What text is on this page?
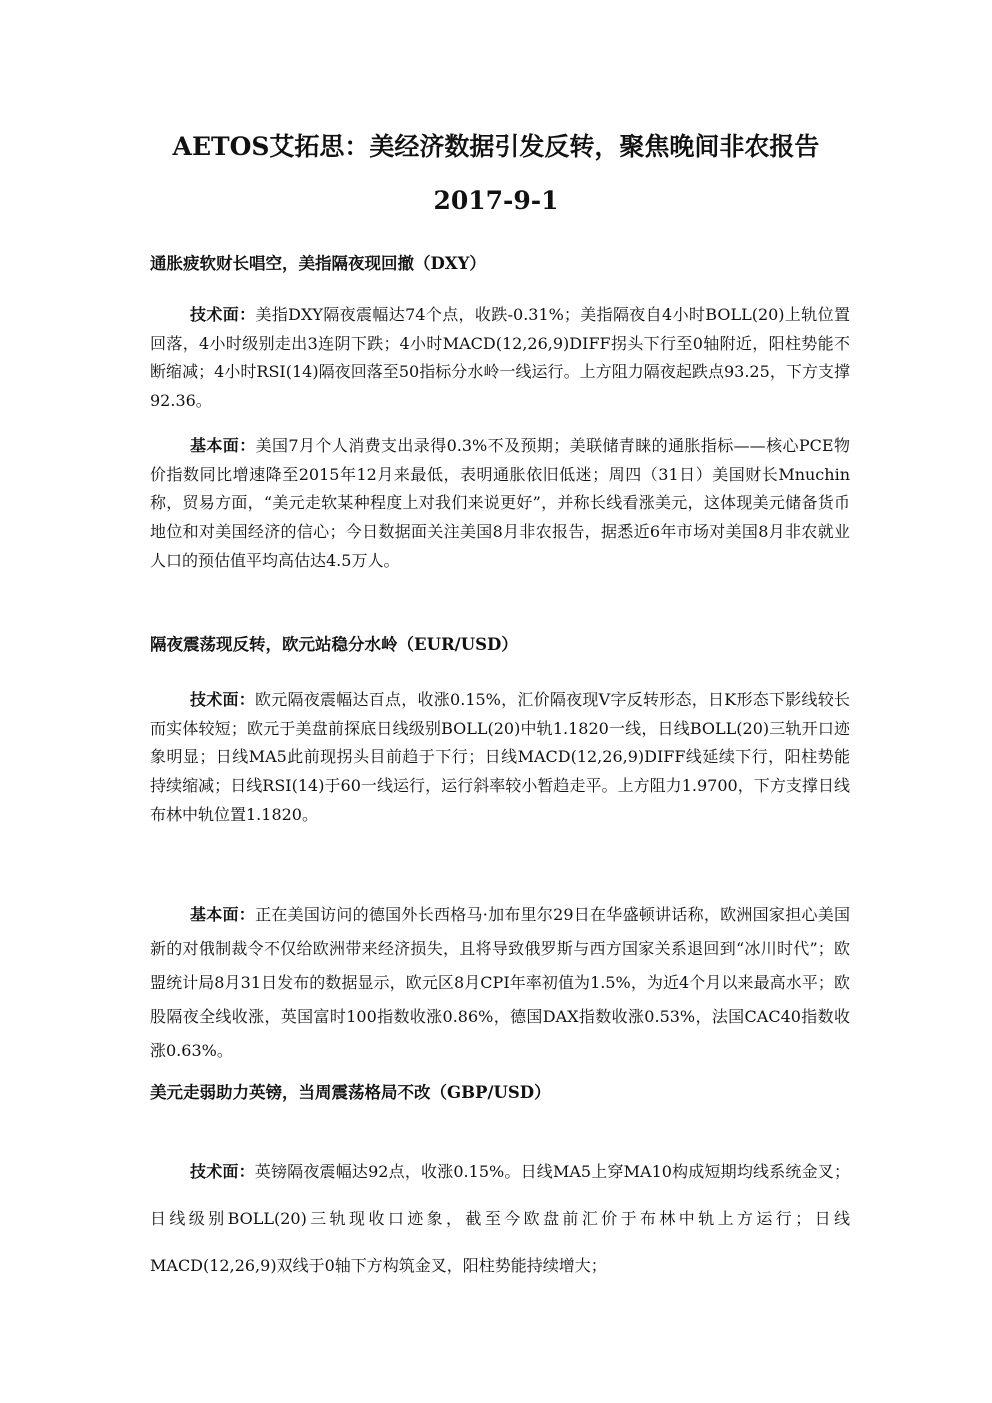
AETOS艾拓思：美经济数据引发反转，聚焦晚间非农报告
2017-9-1
通胀疲软财长唱空，美指隔夜现回撤（DXY）

技术面：美指DXY隔夜震幅达74个点，收跌-0.31%；美指隔夜自4小时BOLL(20)上轨位置回落，4小时级别走出3连阴下跌；4小时MACD(12,26,9)DIFF拐头下行至0轴附近，阳柱势能不断缩减；4小时RSI(14)隔夜回落至50指标分水岭一线运行。上方阻力隔夜起跌点93.25，下方支撑92.36。

基本面：美国7月个人消费支出录得0.3%不及预期；美联储青睐的通胀指标——核心PCE物价指数同比增速降至2015年12月来最低，表明通胀依旧低迷；周四（31日）美国财长Mnuchin称，贸易方面，“美元走软某种程度上对我们来说更好”，并称长线看涨美元，这体现美元储备货币地位和对美国经济的信心；今日数据面关注美国8月非农报告，据悉近6年市场对美国8月非农就业人口的预估值平均高估达4.5万人。

隔夜震荡现反转，欧元站稳分水岭（EUR/USD）

技术面：欧元隔夜震幅达百点，收涨0.15%，汇价隔夜现V字反转形态，日K形态下影线较长而实体较短；欧元于美盘前探底日线级别BOLL(20)中轨1.1820一线，日线BOLL(20)三轨开口迹象明显；日线MA5此前现拐头目前趋于下行；日线MACD(12,26,9)DIFF线延续下行，阳柱势能持续缩减；日线RSI(14)于60一线运行，运行斜率较小暂趋走平。上方阻力1.9700，下方支撑日线布林中轨位置1.1820。

基本面：正在美国访问的德国外长西格马·加布里尔29日在华盛顿讲话称，欧洲国家担心美国新的对俄制裁令不仅给欧洲带来经济损失，且将导致俄罗斯与西方国家关系退回到“冰川时代”；欧盟统计局8月31日发布的数据显示，欧元区8月CPI年率初值为1.5%，为近4个月以来最高水平；欧股隔夜全线收涨，英国富时100指数收涨0.86%，德国DAX指数收涨0.53%，法国CAC40指数收涨0.63%。

美元走弱助力英镑，当周震荡格局不改（GBP/USD）

技术面：英镑隔夜震幅达92点，收涨0.15%。日线MA5上穿MA10构成短期均线系统金叉；日线级别BOLL(20)三轨现收口迹象，截至今欧盘前汇价于布林中轨上方运行；日线MACD(12,26,9)双线于0轴下方构筑金叉，阳柱势能持续增大；
